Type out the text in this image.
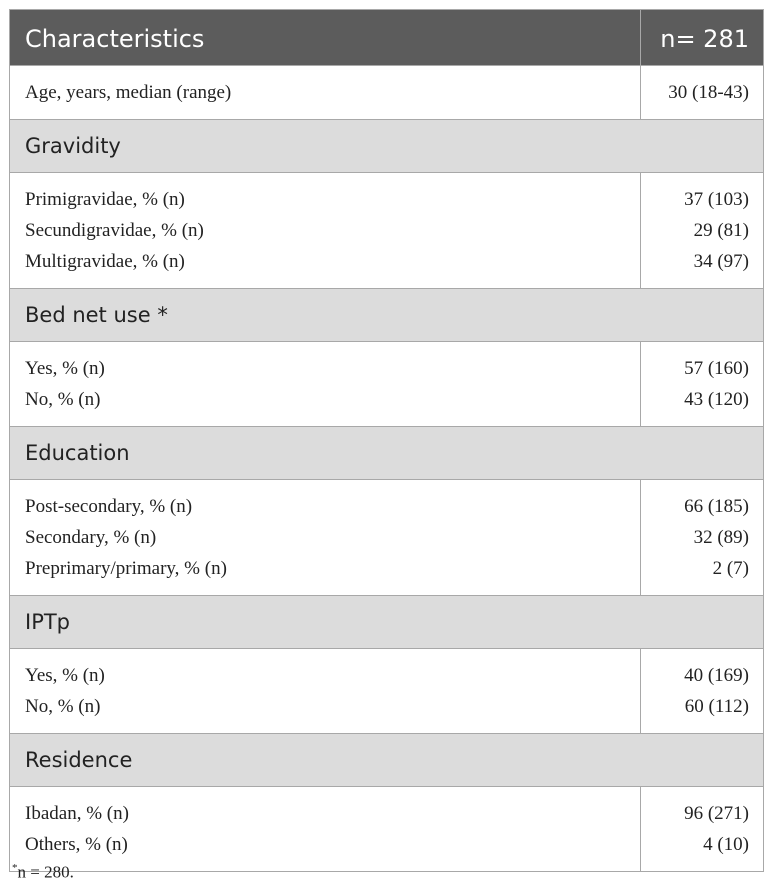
Characteristics	n= 281
Age, years, median (range)	30 (18-43)
Gravidity
Primigravidae, % (n)
Secundigravidae, % (n)
Multigravidae, % (n)
37 (103)
29 (81)
34 (97)
Bed net use *
Yes, % (n)
No, % (n)
57 (160)
43 (120)
Education
Post-secondary, % (n)
Secondary, % (n)
Preprimary/primary, % (n)
66 (185)
32 (89)
2 (7)
IPTp
Yes, % (n)
No, % (n)
40 (169)
60 (112)
Residence
Ibadan, % (n)
Others, % (n)
96 (271)
4 (10)
*n = 280.
